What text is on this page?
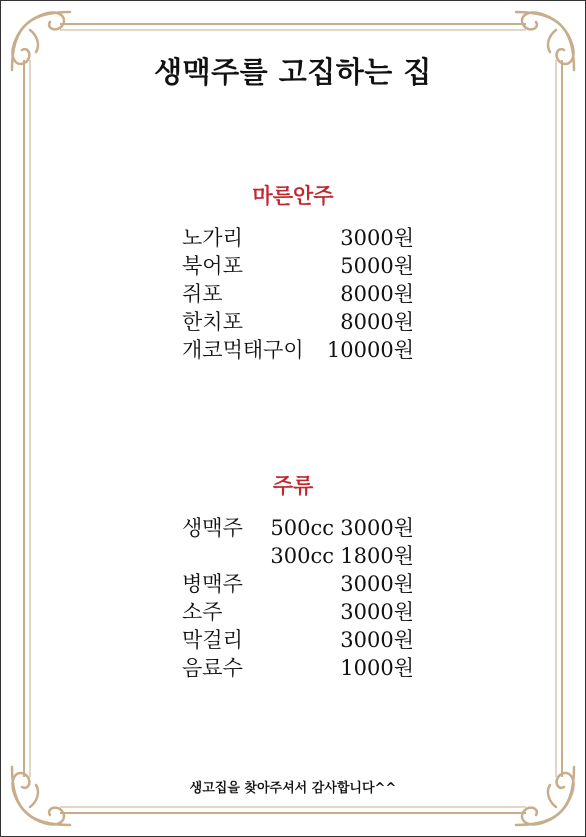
생맥주를 고집하는 집
마른안주
노가리	3000원
북어포	5000원
쥐포	8000원
한치포	8000원
개코먹태구이 10000원
주류
생맥주 500cc 3000원
300cc 1800원
병맥주	3000원
소주	3000원
막걸리	3000원
음료수	1000원
생고집을 찾아주셔서 감사합니다^^
